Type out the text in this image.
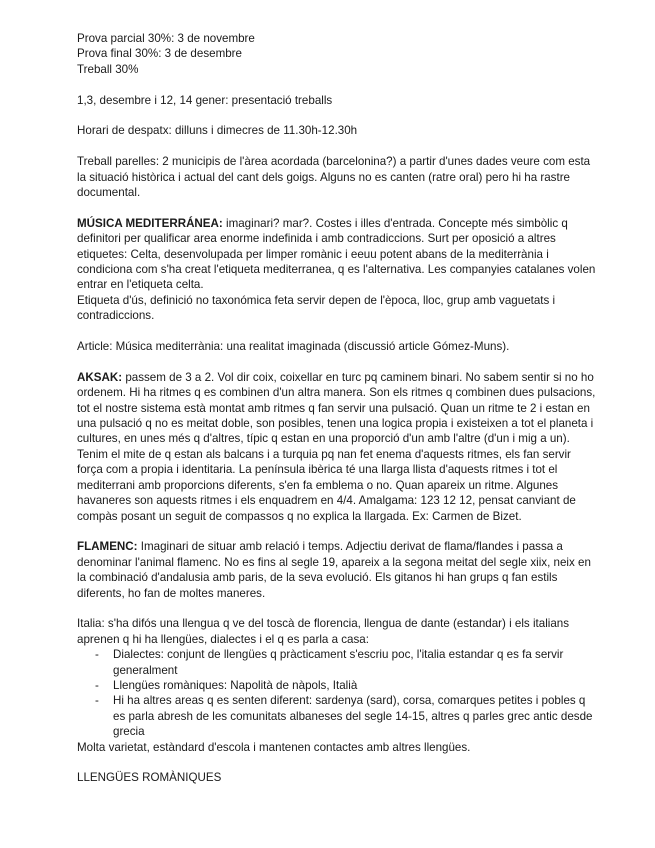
Prova parcial 30%: 3 de novembre

Prova final 30%: 3 de desembre

Treball 30%

1,3, desembre i 12, 14 gener: presentació treballs

Horari de despatx: dilluns i dimecres de 11.30h-12.30h

Treball parelles: 2 municipis de l'àrea acordada (barcelonina?) a partir d'unes dades veure com esta la situació històrica i actual del cant dels goigs. Alguns no es canten (ratre oral) pero hi ha rastre documental.

MÚSICA MEDITERRÁNEA: imaginari? mar?. Costes i illes d'entrada. Concepte més simbòlic q definitori per qualificar area enorme indefinida i amb contradiccions. Surt per oposició a altres etiquetes: Celta, desenvolupada per limper romànic i eeuu potent abans de la mediterrània i condiciona com s'ha creat l'etiqueta mediterranea, q es l'alternativa. Les companyies catalanes volen entrar en l'etiqueta celta.

Etiqueta d'ús, definició no taxonómica feta servir depen de l'època, lloc, grup amb vaguetats i contradiccions.

Article: Música mediterrània: una realitat imaginada (discussió article Gómez-Muns).

AKSAK: passem de 3 a 2. Vol dir coix, coixellar en turc pq caminem binari. No sabem sentir si no ho ordenem. Hi ha ritmes q es combinen d'un altra manera. Son els ritmes q combinen dues pulsacions, tot el nostre sistema està montat amb ritmes q fan servir una pulsació. Quan un ritme te 2 i estan en una pulsació q no es meitat doble, son posibles, tenen una logica propia i existeixen a tot el planeta i cultures, en unes més q d'altres, típic q estan en una proporció d'un amb l'altre (d'un i mig a un). Tenim el mite de q estan als balcans i a turquia pq nan fet enema d'aquests ritmes, els fan servir força com a propia i identitaria. La península ibèrica té una llarga llista d'aquests ritmes i tot el mediterrani amb proporcions diferents, s'en fa emblema o no. Quan apareix un ritme. Algunes havaneres son aquests ritmes i els enquadrem en 4/4. Amalgama: 123 12 12, pensat canviant de compàs posant un seguit de compassos q no explica la llargada. Ex: Carmen de Bizet.

FLAMENC: Imaginari de situar amb relació i temps. Adjectiu derivat de flama/flandes i passa a denominar l'animal flamenc. No es fins al segle 19, apareix a la segona meitat del segle xiix, neix en la combinació d'andalusia amb paris, de la seva evolució. Els gitanos hi han grups q fan estils diferents, ho fan de moltes maneres.

Italia: s'ha difós una llengua q ve del toscà de florencia, llengua de dante (estandar) i els italians aprenen q hi ha llengües, dialectes i el q es parla a casa:

- Dialectes: conjunt de llengües q pràcticament s'escriu poc, l'italia estandar q es fa servir generalment
- Llengües romàniques: Napolità de nàpols, Italià
- Hi ha altres areas q es senten diferent: sardenya (sard), corsa, comarques petites i pobles q es parla abresh de les comunitats albaneses del segle 14-15, altres q parles grec antic desde grecia

Molta varietat, estàndard d'escola i mantenen contactes amb altres llengües.

LLENGÜES ROMÀNIQUES
